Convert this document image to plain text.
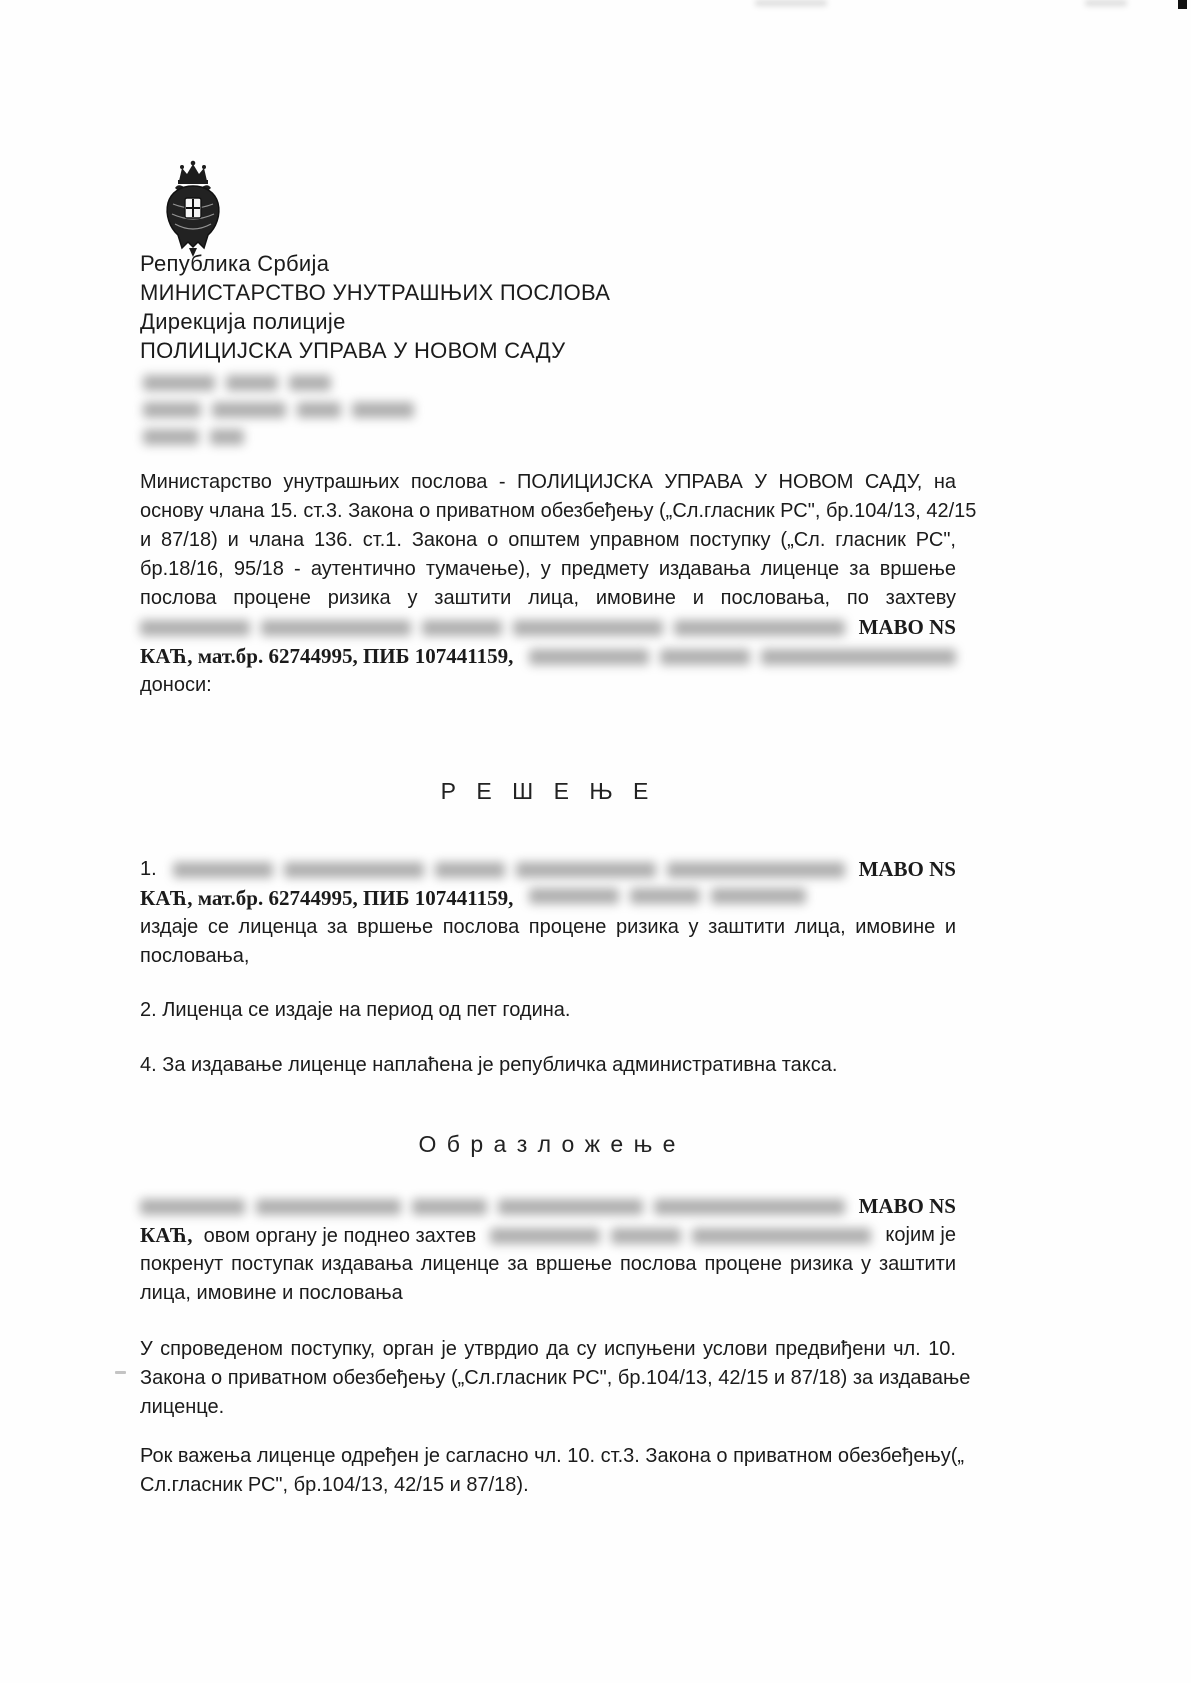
Република Србија
МИНИСТАРСТВО УНУТРАШЊИХ ПОСЛОВА
Дирекција полиције
ПОЛИЦИЈСКА УПРАВА У НОВОМ САДУ
Министарство унутрашњих послова - ПОЛИЦИЈСКА УПРАВА У НОВОМ САДУ, на
основу члана 15. ст.3. Закона о приватном обезбеђењу („Сл.гласник РС", бр.104/13, 42/15
и 87/18) и члана 136. ст.1. Закона о општем управном поступку („Сл. гласник РС",
бр.18/16, 95/18 - аутентично тумачење), у предмету издавања лиценце за вршење
послова процене ризика у заштити лица, имовине и пословања, по захтеву
МАВО NS
КАЋ, мат.бр. 62744995, ПИБ 107441159,
доноси:
Р Е Ш Е Њ Е
1.	МАВО NS
КАЋ, мат.бр. 62744995, ПИБ 107441159,
издаје се лиценца за вршење послова процене ризика у заштити лица, имовине и
пословања,
2. Лиценца се издаје на период од пет година.
4. За издавање лиценце наплаћена је републичка административна такса.
О б р а з л о ж е њ е
МАВО NS
КАЋ, овом органу је поднео захтев	којим је
покренут поступак издавања лиценце за вршење послова процене ризика у заштити
лица, имовине и пословања
У спроведеном поступку, орган је утврдио да су испуњени услови предвиђени чл. 10.
Закона о приватном обезбеђењу („Сл.гласник РС", бр.104/13, 42/15 и 87/18) за издавање
лиценце.
Рок важења лиценце одређен је сагласно чл. 10. ст.3. Закона о приватном обезбеђењу(„
Сл.гласник РС", бр.104/13, 42/15 и 87/18).
